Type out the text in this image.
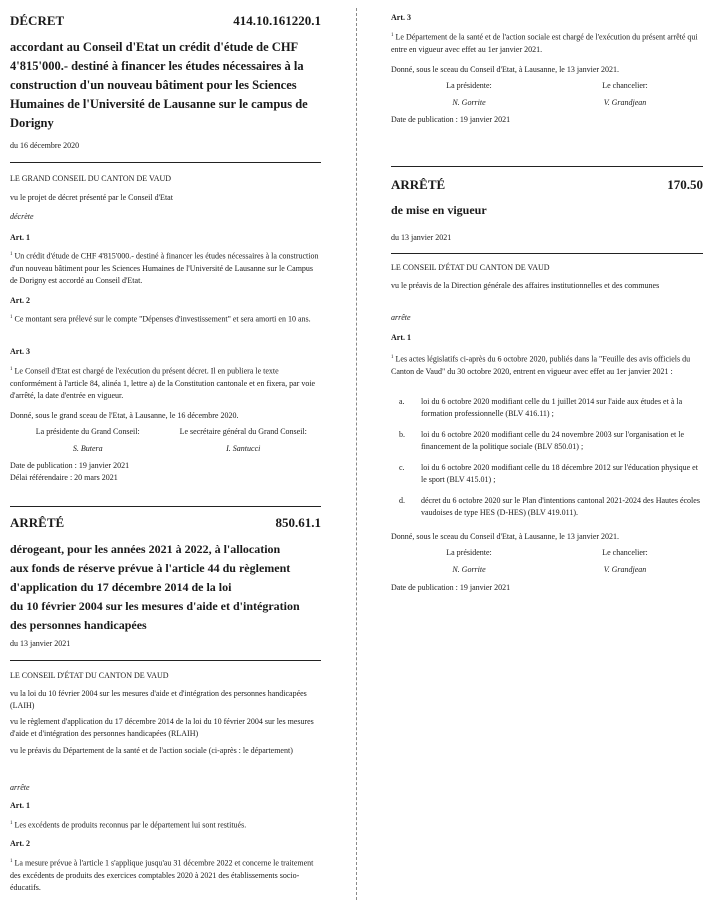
DÉCRET	414.10.161220.1
accordant au Conseil d'Etat un crédit d'étude de CHF 4'815'000.- destiné à financer les études nécessaires à la construction d'un nouveau bâtiment pour les Sciences Humaines de l'Université de Lausanne sur le campus de Dorigny
du 16 décembre 2020
LE GRAND CONSEIL DU CANTON DE VAUD
vu le projet de décret présenté par le Conseil d'Etat
décrète
Art. 1
$^1$ Un crédit d'étude de CHF 4'815'000.- destiné à financer les études nécessaires à la construction d'un nouveau bâtiment pour les Sciences Humaines de l'Université de Lausanne sur le Campus de Dorigny est accordé au Conseil d'Etat.
Art. 2
$^1$ Ce montant sera prélevé sur le compte "Dépenses d'investissement" et sera amorti en 10 ans.
Art. 3
$^1$ Le Conseil d'Etat est chargé de l'exécution du présent décret. Il en publiera le texte conformément à l'article 84, alinéa 1, lettre a) de la Constitution cantonale et en fixera, par voie d'arrêté, la date d'entrée en vigueur.
Donné, sous le grand sceau de l'Etat, à Lausanne, le 16 décembre 2020.
La présidente du Grand Conseil:	Le secrétaire général du Grand Conseil:
S. Butera	I. Santucci
Date de publication : 19 janvier 2021
Délai référendaire : 20 mars 2021
ARRÊTÉ	850.61.1
dérogeant, pour les années 2021 à 2022, à l'allocation
aux fonds de réserve prévue à l'article 44 du règlement
d'application du 17 décembre 2014 de la loi
du 10 février 2004 sur les mesures d'aide et d'intégration
des personnes handicapées
du 13 janvier 2021
LE CONSEIL D'ÉTAT DU CANTON DE VAUD
vu la loi du 10 février 2004 sur les mesures d'aide et d'intégration des personnes handicapées (LAIH)
vu le règlement d'application du 17 décembre 2014 de la loi du 10 février 2004 sur les mesures d'aide et d'intégration des personnes handicapées (RLAIH)
vu le préavis du Département de la santé et de l'action sociale (ci-après : le département)
arrête
Art. 1
$^1$ Les excédents de produits reconnus par le département lui sont restitués.
Art. 2
$^1$ La mesure prévue à l'article 1 s'applique jusqu'au 31 décembre 2022 et concerne le traitement des excédents de produits des exercices comptables 2020 à 2021 des établissements socio-éducatifs.
Art. 3
$^1$ Le Département de la santé et de l'action sociale est chargé de l'exécution du présent arrêté qui entre en vigueur avec effet au 1er janvier 2021.
Donné, sous le sceau du Conseil d'Etat, à Lausanne, le 13 janvier 2021.
La présidente:	Le chancelier:
N. Gorrite	V. Grandjean
Date de publication : 19 janvier 2021
ARRÊTÉ	170.50
de mise en vigueur
du 13 janvier 2021
LE CONSEIL D'ÉTAT DU CANTON DE VAUD
vu le préavis de la Direction générale des affaires institutionnelles et des communes
arrête
Art. 1
$^1$ Les actes législatifs ci-après du 6 octobre 2020, publiés dans la "Feuille des avis officiels du Canton de Vaud" du 30 octobre 2020, entrent en vigueur avec effet au 1er janvier 2021 :
a.	loi du 6 octobre 2020 modifiant celle du 1 juillet 2014 sur l'aide aux études et à la formation professionnelle (BLV 416.11) ;
b.	loi du 6 octobre 2020 modifiant celle du 24 novembre 2003 sur l'organisation et le financement de la politique sociale (BLV 850.01) ;
c.	loi du 6 octobre 2020 modifiant celle du 18 décembre 2012 sur l'éducation physique et le sport (BLV 415.01) ;
d.	décret du 6 octobre 2020 sur le Plan d'intentions cantonal 2021-2024 des Hautes écoles vaudoises de type HES (D-HES) (BLV 419.011).
Donné, sous le sceau du Conseil d'Etat, à Lausanne, le 13 janvier 2021.
La présidente:	Le chancelier:
N. Gorrite	V. Grandjean
Date de publication : 19 janvier 2021
